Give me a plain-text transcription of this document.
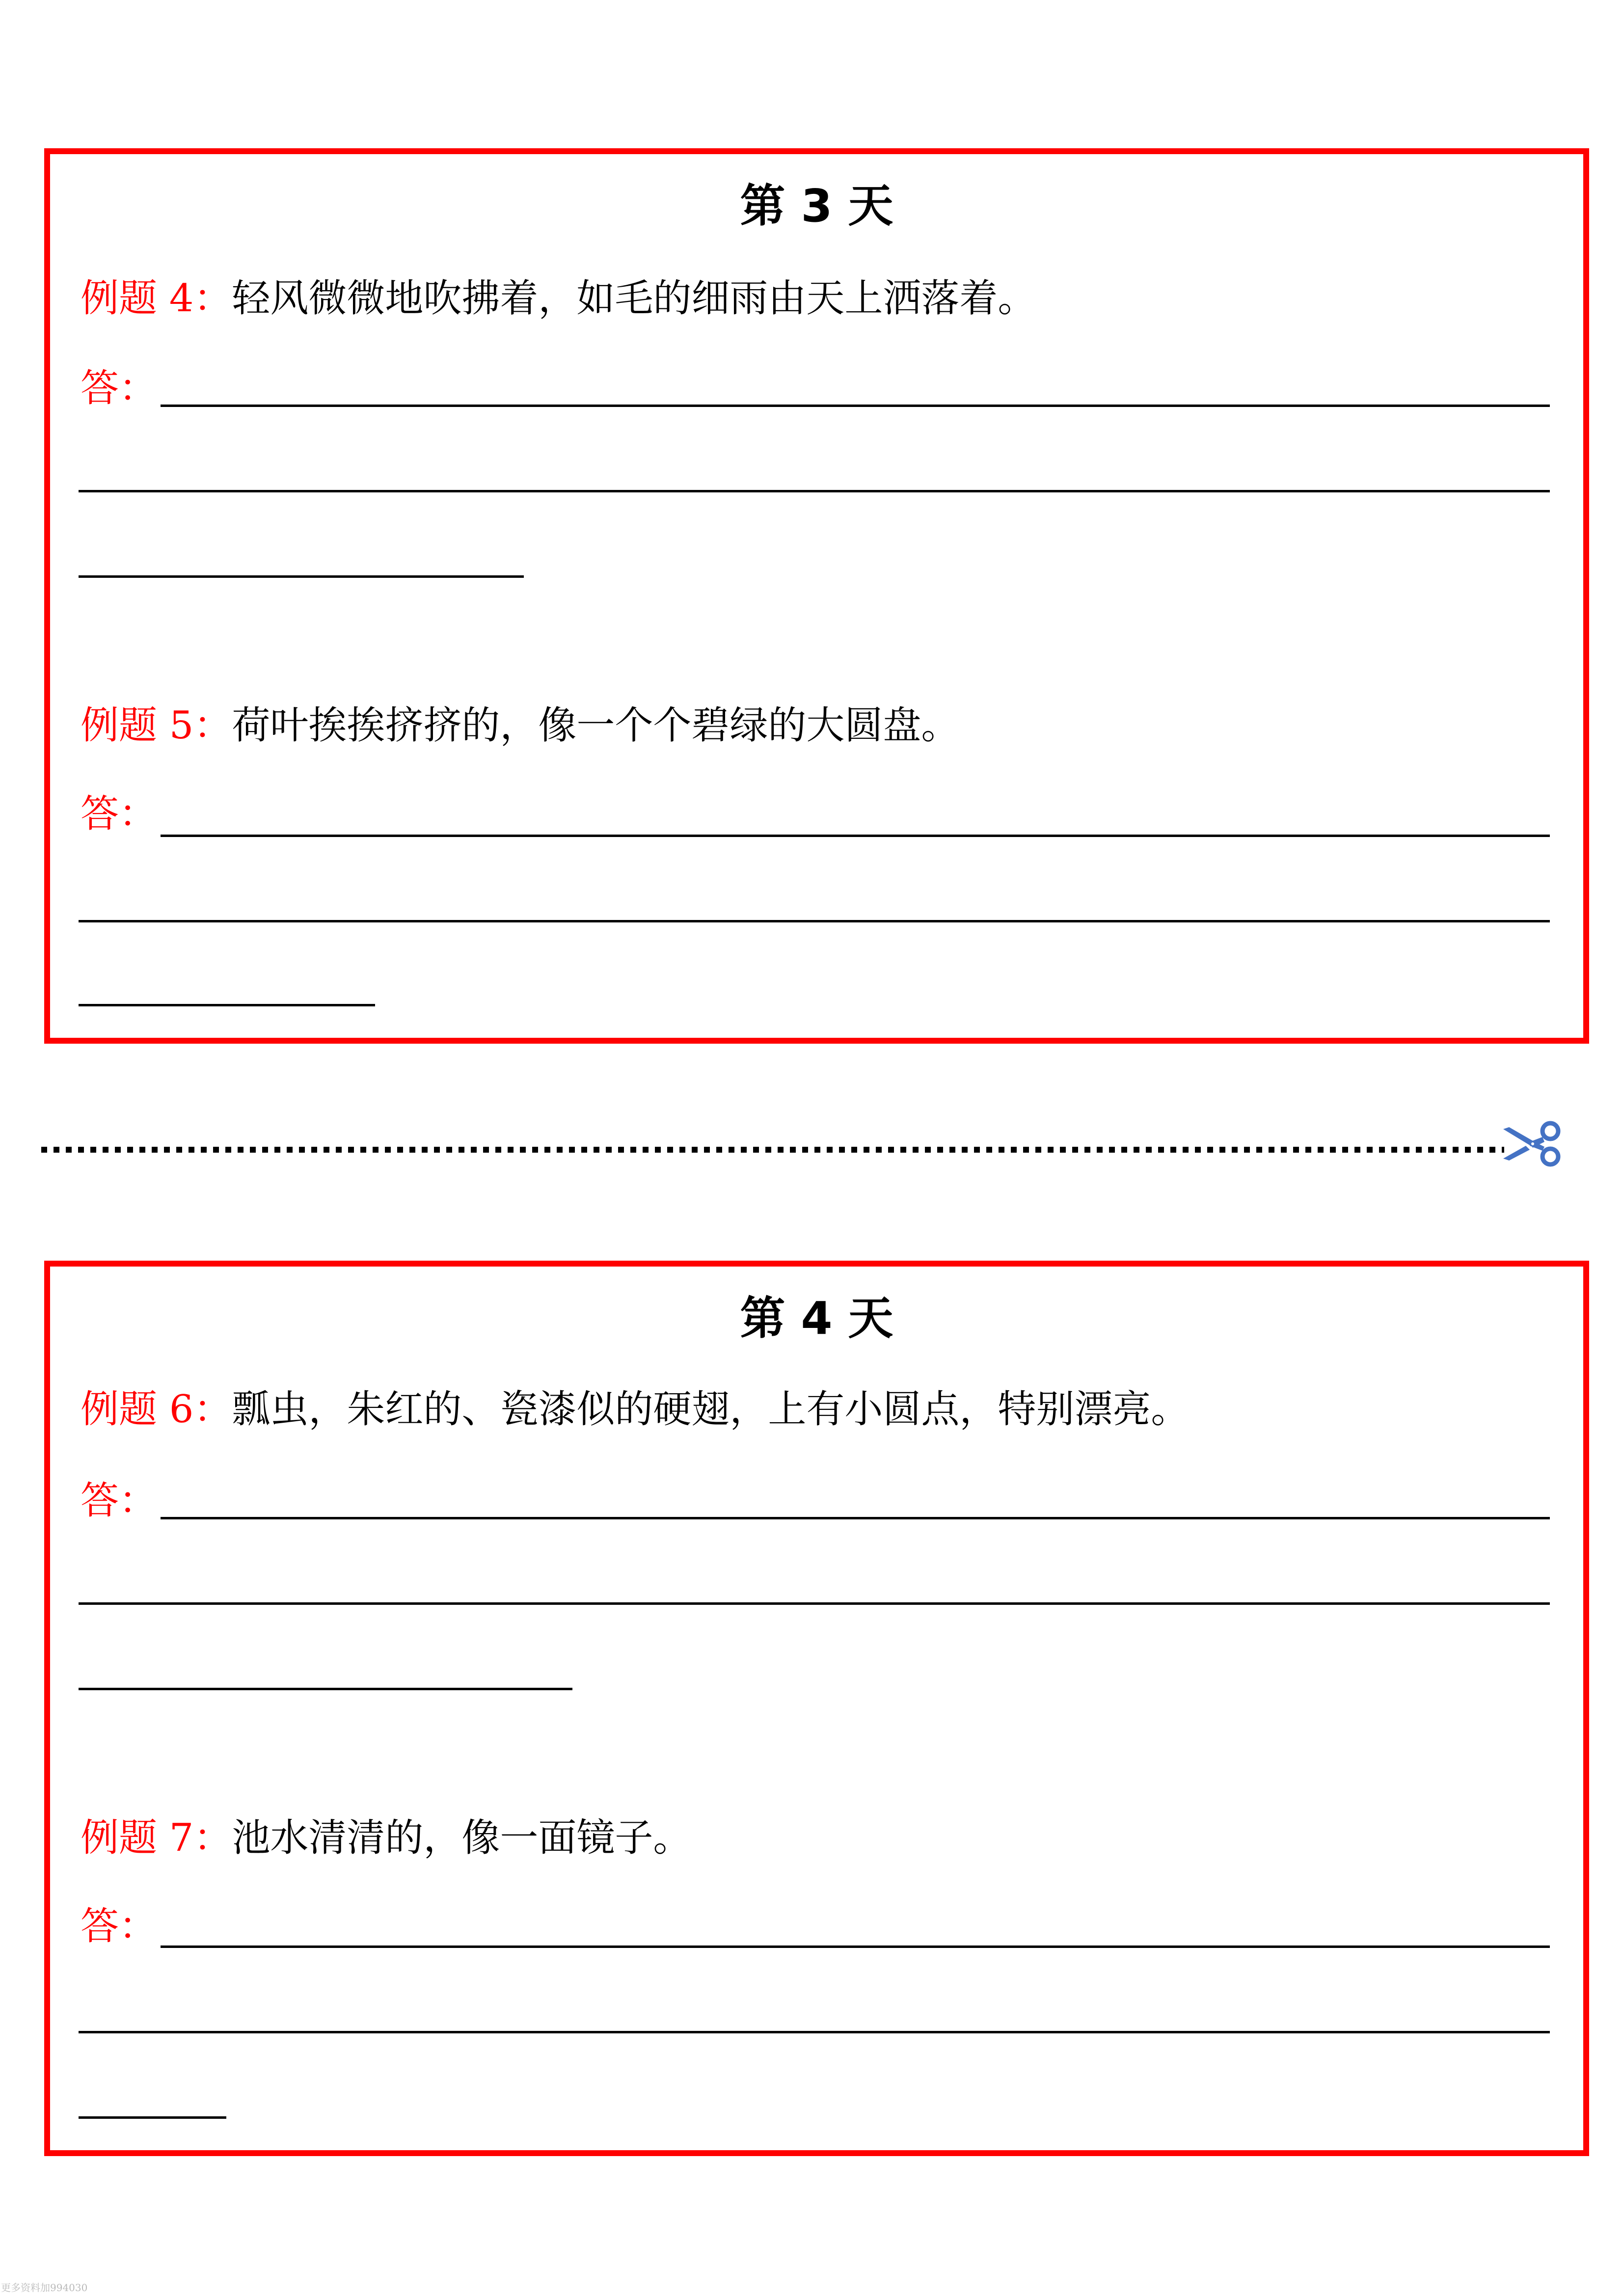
第 3 天
例题 4：轻风微微地吹拂着，如毛的细雨由天上洒落着。
答：
例题 5：荷叶挨挨挤挤的，像一个个碧绿的大圆盘。
答：
第 4 天
例题 6：瓢虫，朱红的、瓷漆似的硬翅，上有小圆点，特别漂亮。
答：
例题 7：池水清清的，像一面镜子。
答：
更多资料加994030
